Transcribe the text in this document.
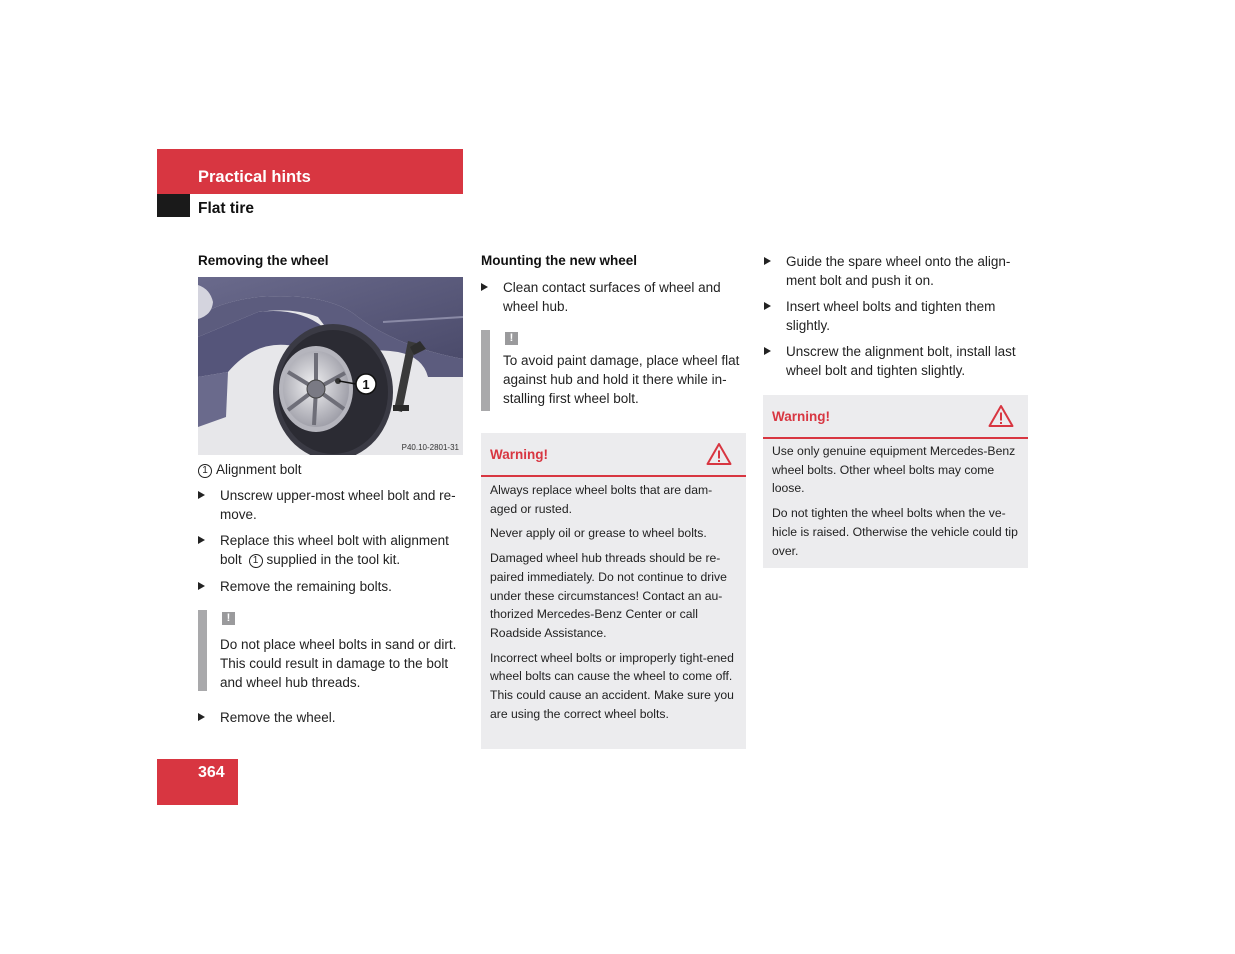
Practical hints
Flat tire
Removing the wheel
1
P40.10-2801-31
1 Alignment bolt
Unscrew upper-most wheel bolt and re-move.
Replace this wheel bolt with alignment bolt 1 supplied in the tool kit.
Remove the remaining bolts.
!
Do not place wheel bolts in sand or dirt. This could result in damage to the bolt and wheel hub threads.
Remove the wheel.
Mounting the new wheel
Clean contact surfaces of wheel and wheel hub.
!
To avoid paint damage, place wheel flat against hub and hold it there while in-stalling first wheel bolt.
Warning!

Always replace wheel bolts that are dam-aged or rusted.

Never apply oil or grease to wheel bolts.

Damaged wheel hub threads should be re-paired immediately. Do not continue to drive under these circumstances! Contact an au-thorized Mercedes-Benz Center or call Roadside Assistance.

Incorrect wheel bolts or improperly tight-ened wheel bolts can cause the wheel to come off. This could cause an accident. Make sure you are using the correct wheel bolts.

Guide the spare wheel onto the align-ment bolt and push it on.
Insert wheel bolts and tighten them slightly.
Unscrew the alignment bolt, install last wheel bolt and tighten slightly.
Warning!

Use only genuine equipment Mercedes-Benz wheel bolts. Other wheel bolts may come loose.

Do not tighten the wheel bolts when the ve-hicle is raised. Otherwise the vehicle could tip over.

364
